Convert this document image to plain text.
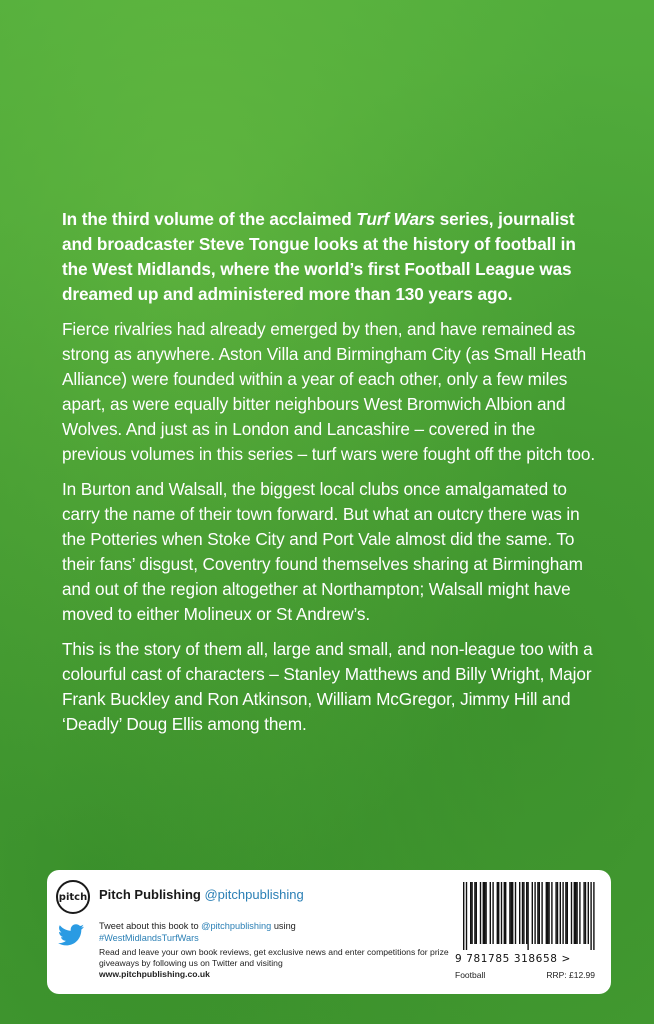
In the third volume of the acclaimed Turf Wars series, journalist and broadcaster Steve Tongue looks at the history of football in the West Midlands, where the world’s first Football League was dreamed up and administered more than 130 years ago.

Fierce rivalries had already emerged by then, and have remained as strong as anywhere. Aston Villa and Birmingham City (as Small Heath Alliance) were founded within a year of each other, only a few miles apart, as were equally bitter neighbours West Bromwich Albion and Wolves. And just as in London and Lancashire – covered in the previous volumes in this series – turf wars were fought off the pitch too.

In Burton and Walsall, the biggest local clubs once amalgamated to carry the name of their town forward. But what an outcry there was in the Potteries when Stoke City and Port Vale almost did the same. To their fans’ disgust, Coventry found themselves sharing at Birmingham and out of the region altogether at Northampton; Walsall might have moved to either Molineux or St Andrew’s.

This is the story of them all, large and small, and non-league too with a colourful cast of characters – Stanley Matthews and Billy Wright, Major Frank Buckley and Ron Atkinson, William McGregor, Jimmy Hill and ‘Deadly’ Doug Ellis among them.

pitch Pitch Publishing @pitchpublishing
Tweet about this book to @pitchpublishing using
#WestMidlandsTurfWars
Read and leave your own book reviews, get exclusive news and enter competitions for prize giveaways by following us on Twitter and visiting
www.pitchpublishing.co.uk
9 781785 318658 >
Football	RRP: £12.99
